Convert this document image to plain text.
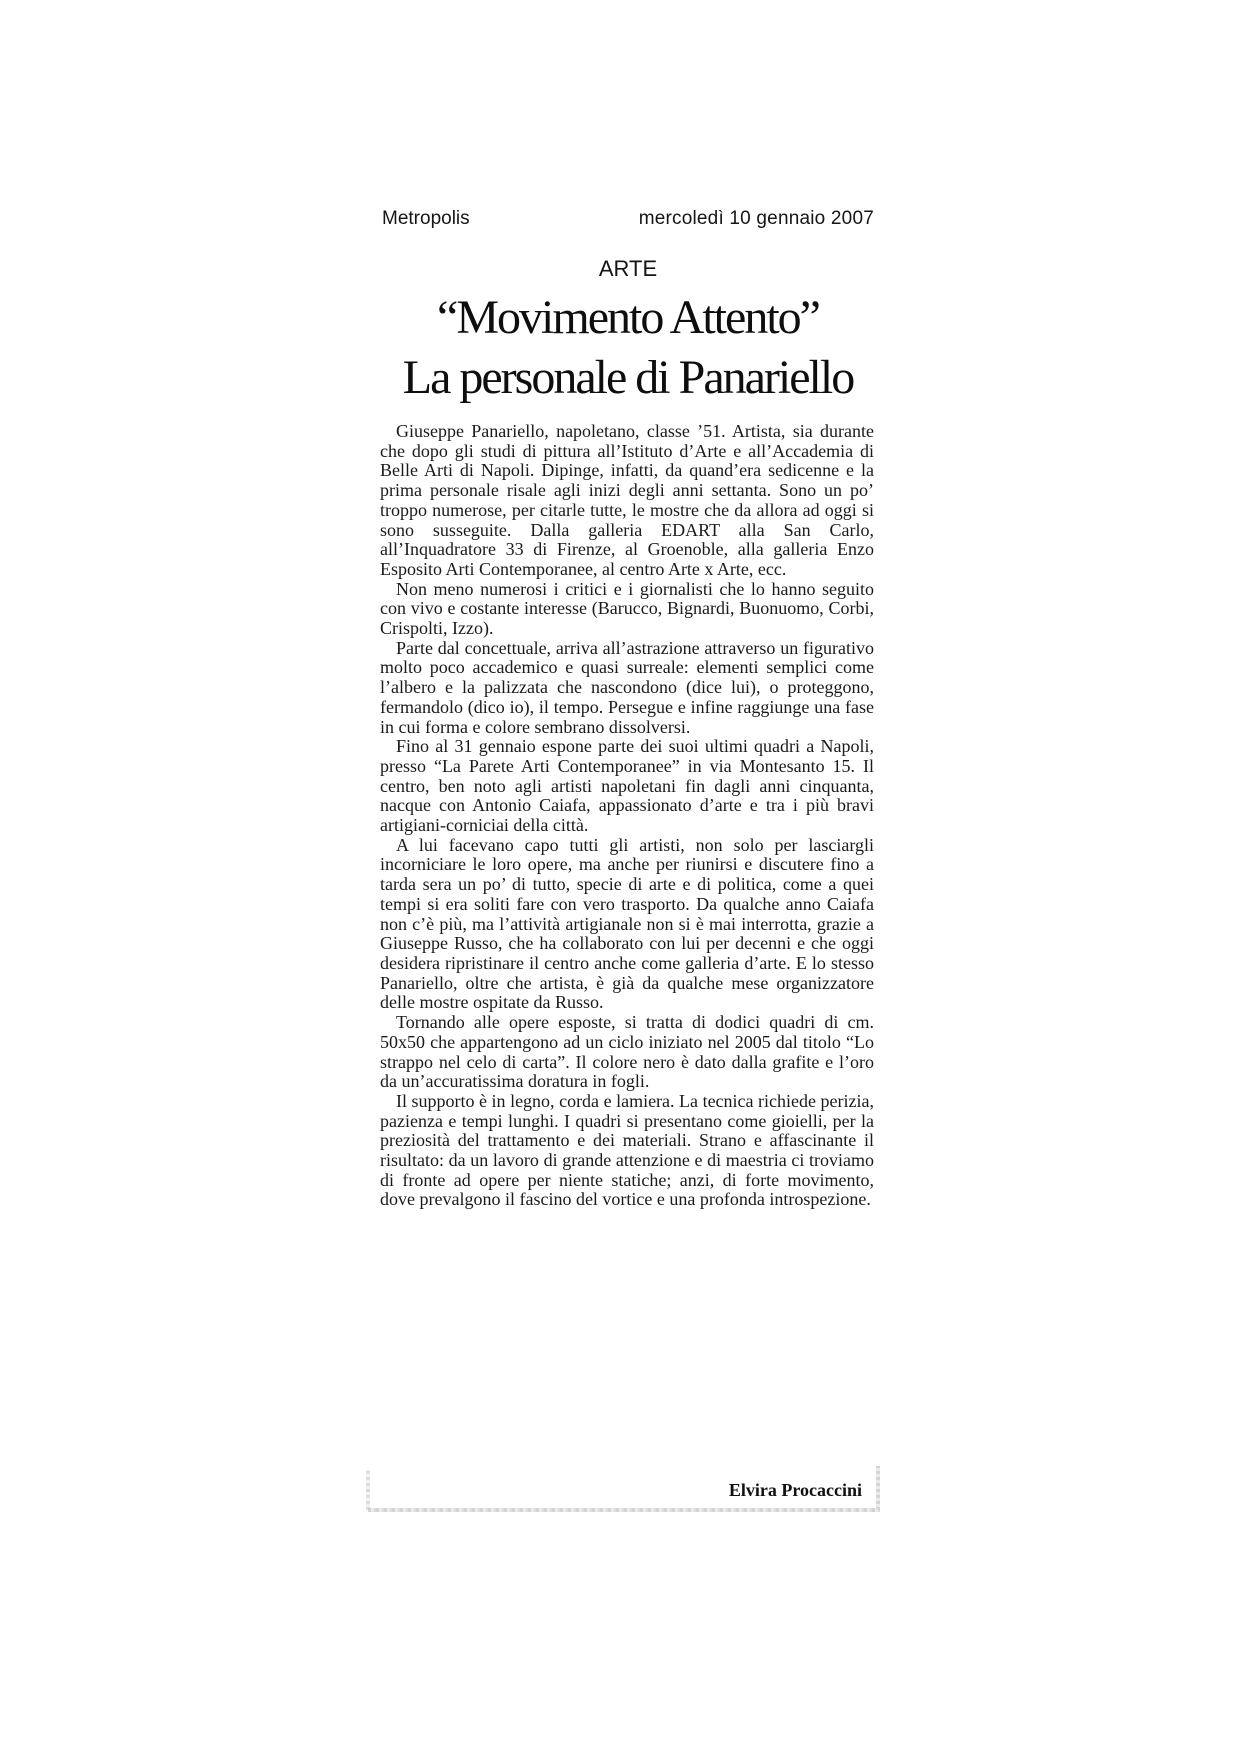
Metropolis	mercoledì 10 gennaio 2007
ARTE
“Movimento Attento”
La personale di Panariello

Giuseppe Panariello, napoletano, classe ’51. Artista, sia durante che dopo gli studi di pittura all’Istituto d’Arte e all’Accademia di Belle Arti di Napoli. Dipinge, infatti, da quand’era sedicenne e la prima personale risale agli inizi degli anni settanta. Sono un po’ troppo numerose, per citarle tutte, le mostre che da allora ad oggi si sono susseguite. Dalla galleria EDART alla San Carlo, all’Inquadratore 33 di Firenze, al Groenoble, alla galleria Enzo Esposito Arti Contemporanee, al centro Arte x Arte, ecc.

Non meno numerosi i critici e i giornalisti che lo hanno seguito con vivo e costante interesse (Barucco, Bignardi, Buonuomo, Corbi, Crispolti, Izzo).

Parte dal concettuale, arriva all’astrazione attraverso un figurativo molto poco accademico e quasi surreale: elementi semplici come l’albero e la palizzata che nascondono (dice lui), o proteggono, fermandolo (dico io), il tempo. Persegue e infine raggiunge una fase in cui forma e colore sembrano dissolversi.

Fino al 31 gennaio espone parte dei suoi ultimi quadri a Napoli, presso “La Parete Arti Contemporanee” in via Montesanto 15. Il centro, ben noto agli artisti napoletani fin dagli anni cinquanta, nacque con Antonio Caiafa, appassionato d’arte e tra i più bravi artigiani-corniciai della città.

A lui facevano capo tutti gli artisti, non solo per lasciargli incorniciare le loro opere, ma anche per riunirsi e discutere fino a tarda sera un po’ di tutto, specie di arte e di politica, come a quei tempi si era soliti fare con vero trasporto. Da qualche anno Caiafa non c’è più, ma l’attività artigianale non si è mai interrotta, grazie a Giuseppe Russo, che ha collaborato con lui per decenni e che oggi desidera ripristinare il centro anche come galleria d’arte. E lo stesso Panariello, oltre che artista, è già da qualche mese organizzatore delle mostre ospitate da Russo.

Tornando alle opere esposte, si tratta di dodici quadri di cm. 50x50 che appartengono ad un ciclo iniziato nel 2005 dal titolo “Lo strappo nel celo di carta”. Il colore nero è dato dalla grafite e l’oro da un’accuratissima doratura in fogli.

Il supporto è in legno, corda e lamiera. La tecnica richiede perizia, pazienza e tempi lunghi. I quadri si presentano come gioielli, per la preziosità del trattamento e dei materiali. Strano e affascinante il risultato: da un lavoro di grande attenzione e di maestria ci troviamo di fronte ad opere per niente statiche; anzi, di forte movimento, dove prevalgono il fascino del vortice e una profonda introspezione.

Elvira Procaccini
